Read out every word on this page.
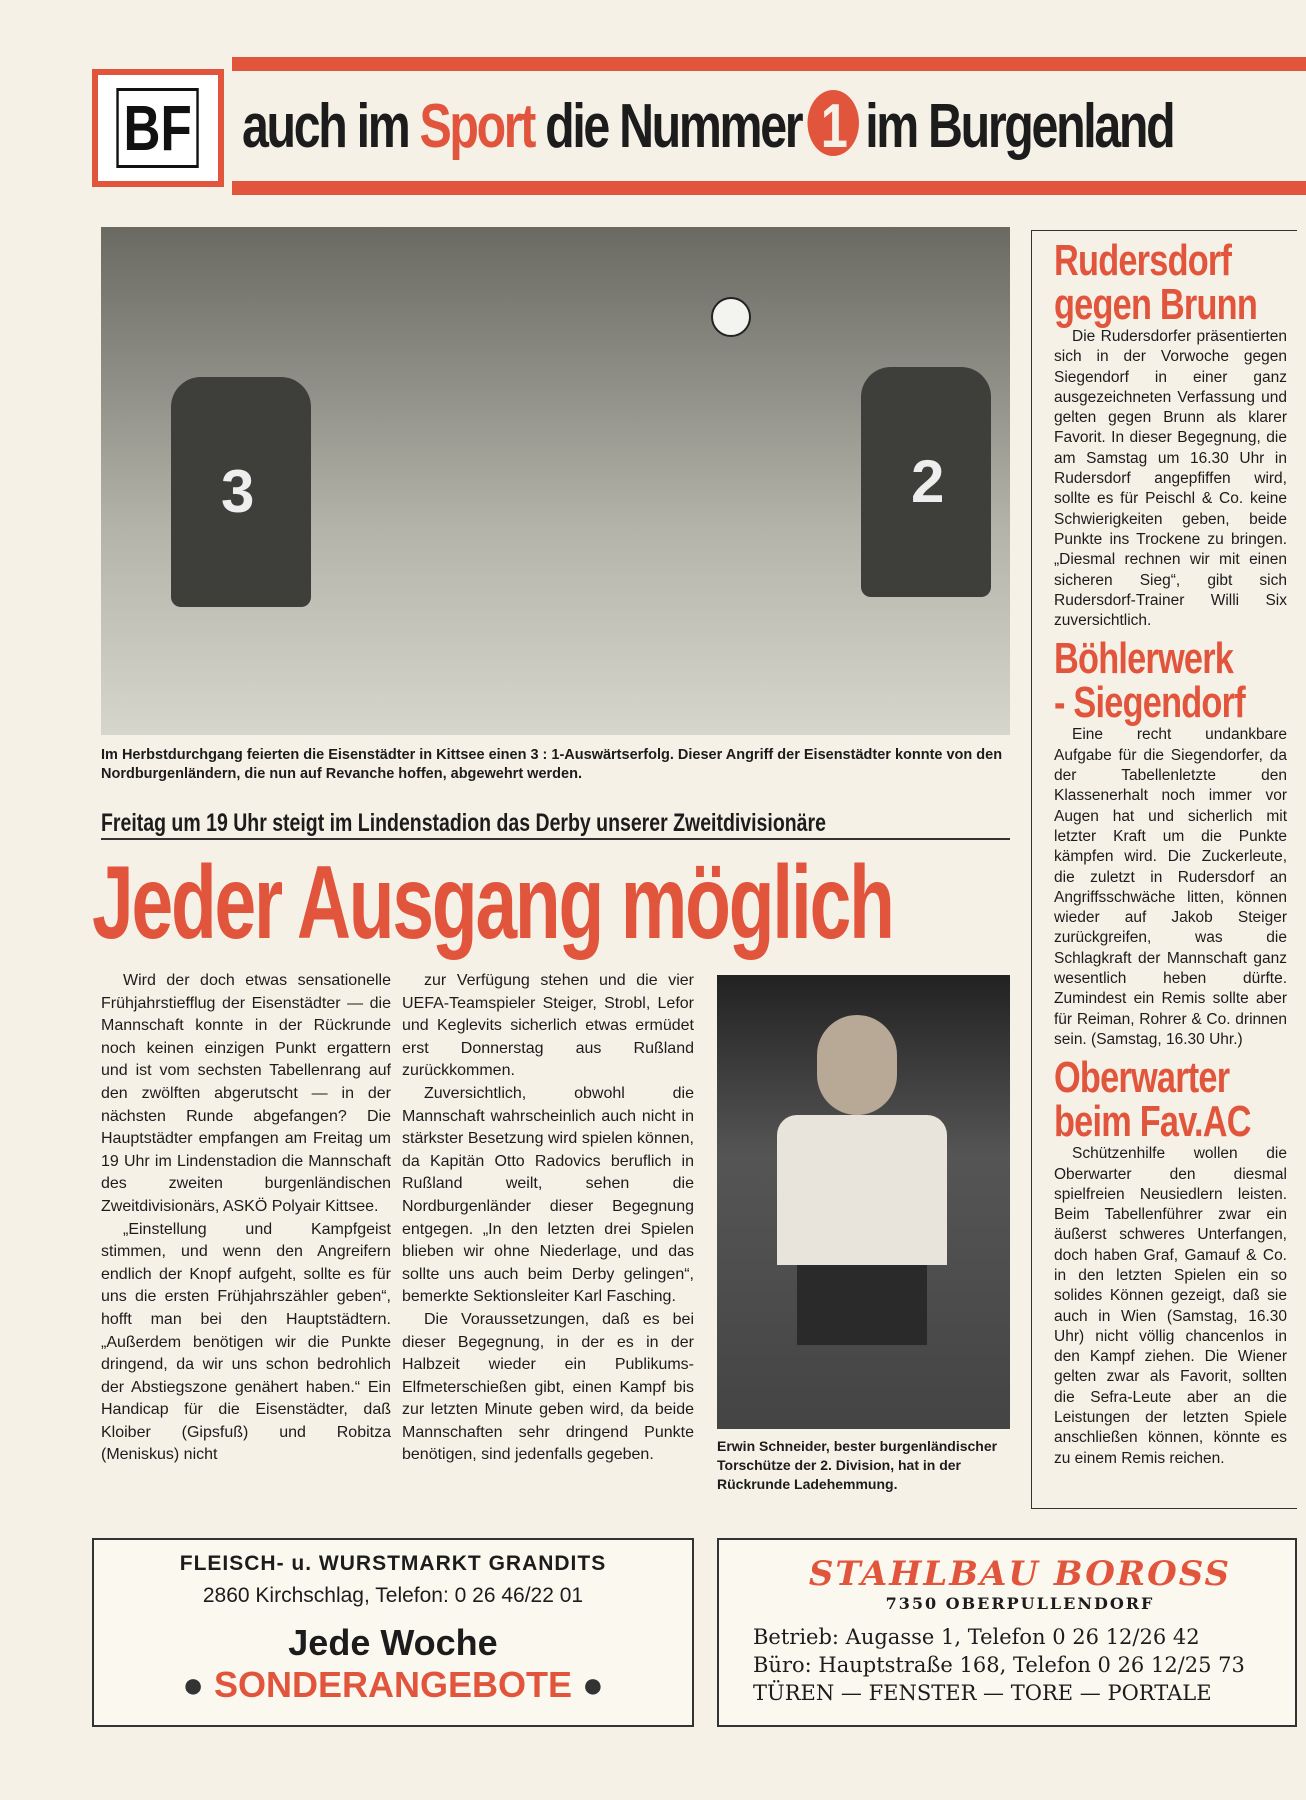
BF auch im Sport die Nummer 1 im Burgenland
3	2
Im Herbstdurchgang feierten die Eisenstädter in Kittsee einen 3 : 1-Auswärtserfolg. Dieser Angriff der Eisenstädter konnte von den Nordburgenländern, die nun auf Revanche hoffen, abgewehrt werden.
Freitag um 19 Uhr steigt im Lindenstadion das Derby unserer Zweitdivisionäre
Jeder Ausgang möglich

Wird der doch etwas sensationelle Frühjahrstiefflug der Eisenstädter — die Mannschaft konnte in der Rückrunde noch keinen einzigen Punkt ergattern und ist vom sechsten Tabellenrang auf den zwölften abgerutscht — in der nächsten Runde abgefangen? Die Hauptstädter empfangen am Freitag um 19 Uhr im Lindenstadion die Mannschaft des zweiten burgenländischen Zweitdivisionärs, ASKÖ Polyair Kittsee.

„Einstellung und Kampfgeist stimmen, und wenn den Angreifern endlich der Knopf aufgeht, sollte es für uns die ersten Frühjahrszähler geben“, hofft man bei den Hauptstädtern. „Außerdem benötigen wir die Punkte dringend, da wir uns schon bedrohlich der Abstiegszone genähert haben.“ Ein Handicap für die Eisenstädter, daß Kloiber (Gipsfuß) und Robitza (Meniskus) nicht

zur Verfügung stehen und die vier UEFA-Teamspieler Steiger, Strobl, Lefor und Keglevits sicherlich etwas ermüdet erst Donnerstag aus Rußland zurückkommen.

Zuversichtlich, obwohl die Mannschaft wahrscheinlich auch nicht in stärkster Besetzung wird spielen können, da Kapitän Otto Radovics beruflich in Rußland weilt, sehen die Nordburgenländer dieser Begegnung entgegen. „In den letzten drei Spielen blieben wir ohne Niederlage, und das sollte uns auch beim Derby gelingen“, bemerkte Sektionsleiter Karl Fasching.

Die Voraussetzungen, daß es bei dieser Begegnung, in der es in der Halbzeit wieder ein Publikums-Elfmeterschießen gibt, einen Kampf bis zur letzten Minute geben wird, da beide Mannschaften sehr dringend Punkte benötigen, sind jedenfalls gegeben.

Erwin Schneider, bester burgenländischer Torschütze der 2. Division, hat in der Rückrunde Ladehemmung.
Rudersdorf
gegen Brunn

Die Rudersdorfer präsentierten sich in der Vorwoche gegen Siegendorf in einer ganz ausgezeichneten Verfassung und gelten gegen Brunn als klarer Favorit. In dieser Begegnung, die am Samstag um 16.30 Uhr in Rudersdorf angepfiffen wird, sollte es für Peischl & Co. keine Schwierigkeiten geben, beide Punkte ins Trockene zu bringen. „Diesmal rechnen wir mit einen sicheren Sieg“, gibt sich Rudersdorf-Trainer Willi Six zuversichtlich.

Böhlerwerk
- Siegendorf

Eine recht undankbare Aufgabe für die Siegendorfer, da der Tabellenletzte den Klassenerhalt noch immer vor Augen hat und sicherlich mit letzter Kraft um die Punkte kämpfen wird. Die Zuckerleute, die zuletzt in Rudersdorf an Angriffsschwäche litten, können wieder auf Jakob Steiger zurückgreifen, was die Schlagkraft der Mannschaft ganz wesentlich heben dürfte. Zumindest ein Remis sollte aber für Reiman, Rohrer & Co. drinnen sein. (Samstag, 16.30 Uhr.)

Oberwarter
beim Fav.AC

Schützenhilfe wollen die Oberwarter den diesmal spielfreien Neusiedlern leisten. Beim Tabellenführer zwar ein äußerst schweres Unterfangen, doch haben Graf, Gamauf & Co. in den letzten Spielen ein so solides Können gezeigt, daß sie auch in Wien (Samstag, 16.30 Uhr) nicht völlig chancenlos in den Kampf ziehen. Die Wiener gelten zwar als Favorit, sollten die Sefra-Leute aber an die Leistungen der letzten Spiele anschließen können, könnte es zu einem Remis reichen.

FLEISCH- u. WURSTMARKT GRANDITS
2860 Kirchschlag, Telefon: 0 26 46/22 01
Jede Woche
● SONDERANGEBOTE ●
STAHLBAU BOROSS
7350 OBERPULLENDORF
Betrieb: Augasse 1, Telefon 0 26 12/26 42
Büro: Hauptstraße 168, Telefon 0 26 12/25 73
TÜREN — FENSTER — TORE — PORTALE
